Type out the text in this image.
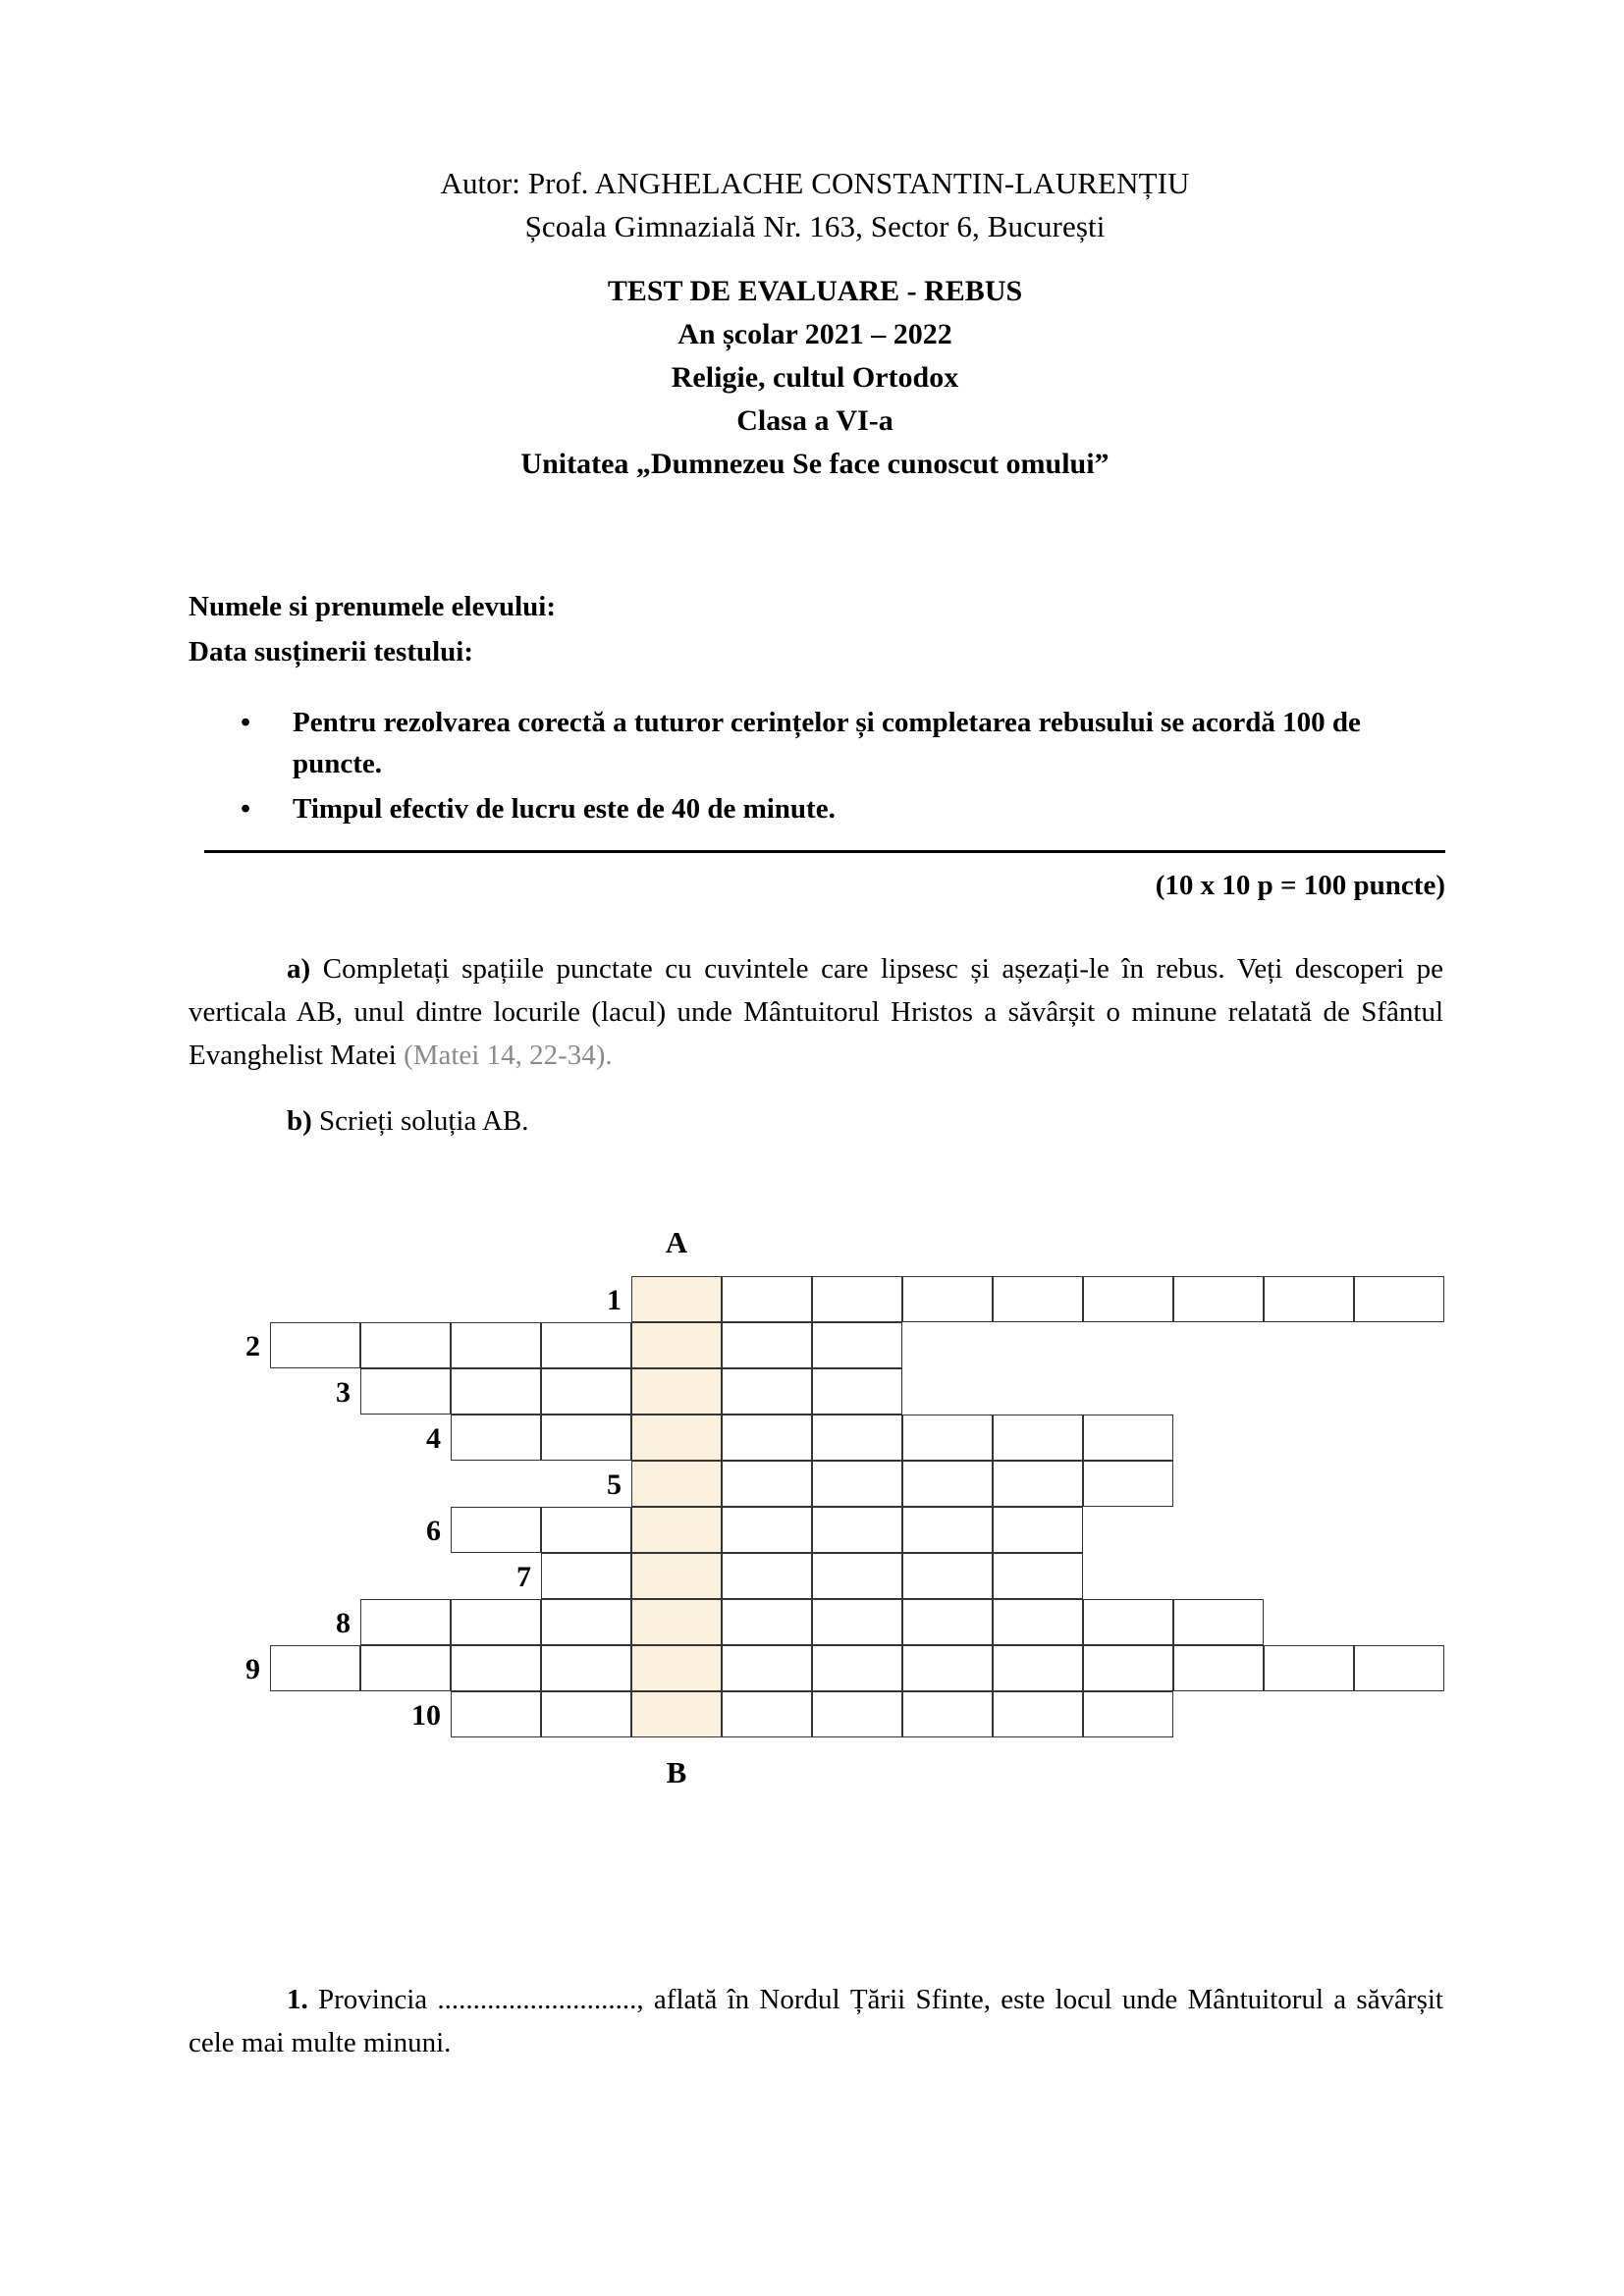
Autor: Prof. ANGHELACHE CONSTANTIN-LAURENȚIU
Școala Gimnazială Nr. 163, Sector 6, București
TEST DE EVALUARE - REBUS
An școlar 2021 – 2022
Religie, cultul Ortodox
Clasa a VI-a
Unitatea „Dumnezeu Se face cunoscut omului”
Numele si prenumele elevului:
Data susținerii testului:
• Pentru rezolvarea corectă a tuturor cerințelor și completarea rebusului se acordă 100 de puncte.
• Timpul efectiv de lucru este de 40 de minute.
(10 x 10 p = 100 puncte)
a) Completați spațiile punctate cu cuvintele care lipsesc și așezați-le în rebus. Veți descoperi pe verticala AB, unul dintre locurile (lacul) unde Mântuitorul Hristos a săvârșit o minune relatată de Sfântul Evanghelist Matei (Matei 14, 22-34).
b) Scrieți soluția AB.
A
1
2
3
4
5
6
7
8
9
10
B
1. Provincia ............................, aflată în Nordul Țării Sfinte, este locul unde Mântuitorul a săvârșit cele mai multe minuni.
